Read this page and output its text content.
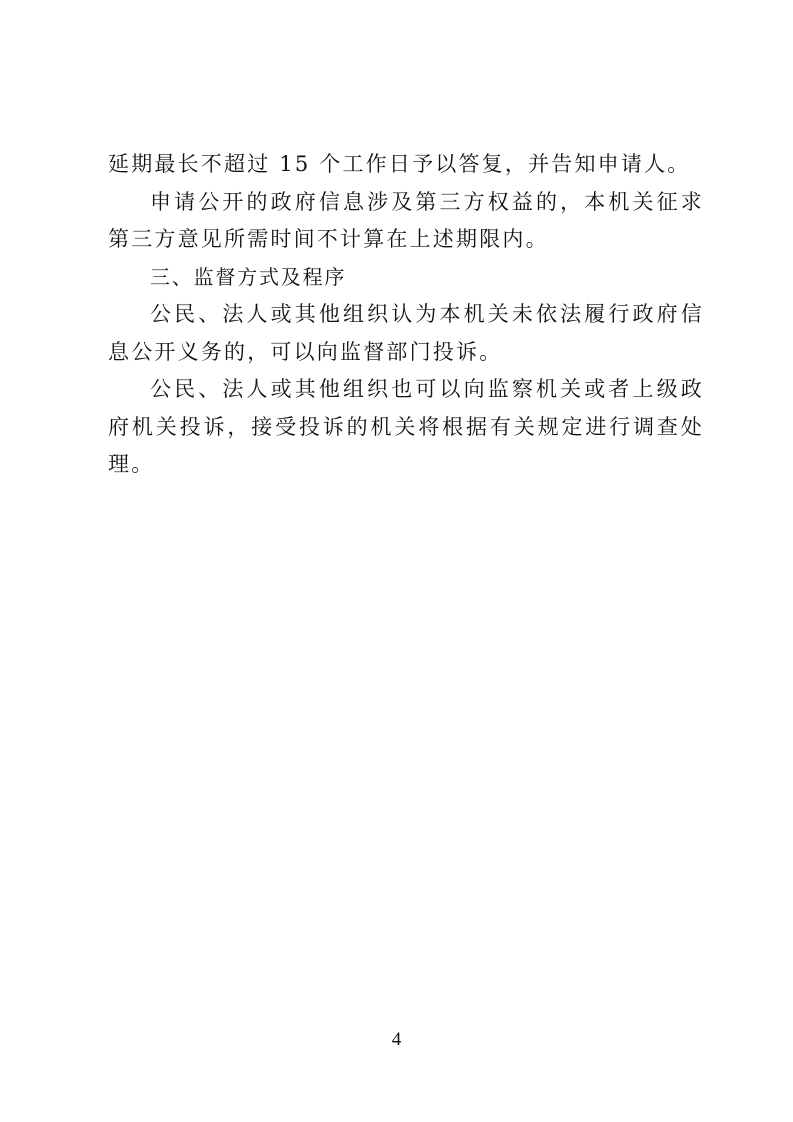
延期最长不超过 15 个工作日予以答复，并告知申请人。

申请公开的政府信息涉及第三方权益的，本机关征求第三方意见所需时间不计算在上述期限内。

三、监督方式及程序

公民、法人或其他组织认为本机关未依法履行政府信息公开义务的，可以向监督部门投诉。

公民、法人或其他组织也可以向监察机关或者上级政府机关投诉，接受投诉的机关将根据有关规定进行调查处理。

4
